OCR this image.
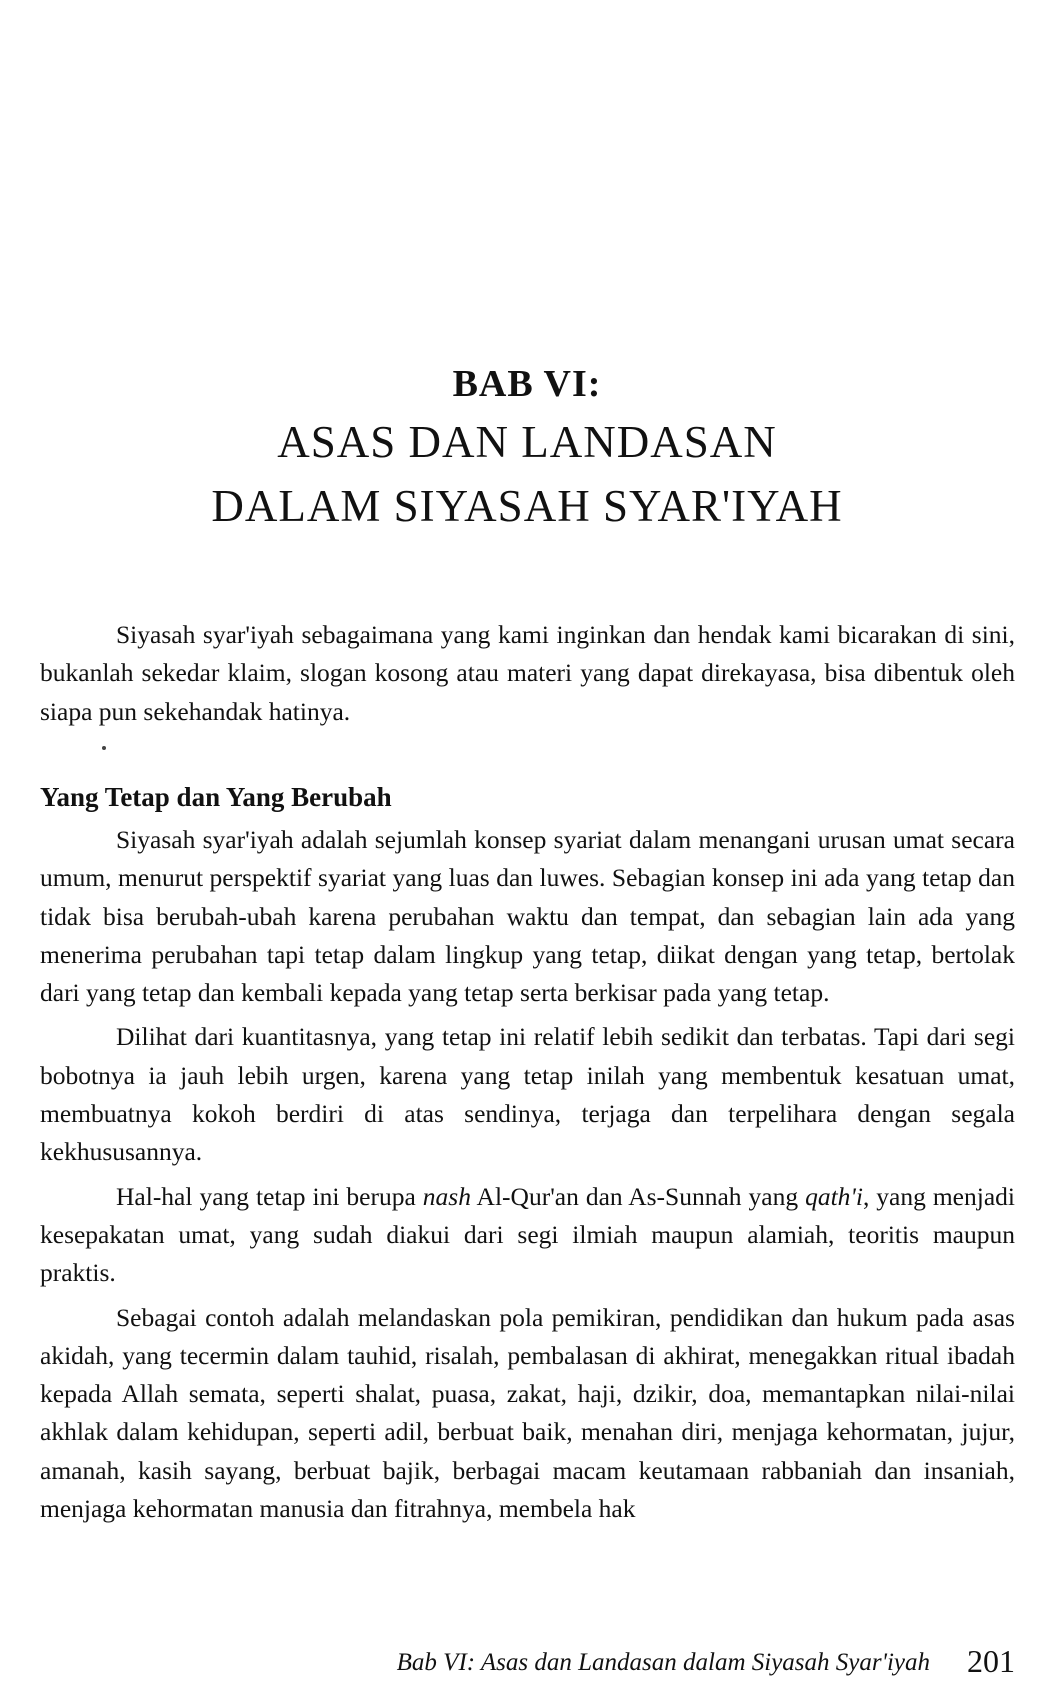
BAB VI:
ASAS DAN LANDASAN
DALAM SIYASAH SYAR'IYAH

Siyasah syar'iyah sebagaimana yang kami inginkan dan hendak kami bicarakan di sini, bukanlah sekedar klaim, slogan kosong atau materi yang dapat direkayasa, bisa dibentuk oleh siapa pun sekehandak hatinya.

Yang Tetap dan Yang Berubah

Siyasah syar'iyah adalah sejumlah konsep syariat dalam menangani urusan umat secara umum, menurut perspektif syariat yang luas dan luwes. Sebagian konsep ini ada yang tetap dan tidak bisa berubah-ubah karena perubahan waktu dan tempat, dan sebagian lain ada yang menerima perubahan tapi tetap dalam lingkup yang tetap, diikat dengan yang tetap, bertolak dari yang tetap dan kembali kepada yang tetap serta berkisar pada yang tetap.

Dilihat dari kuantitasnya, yang tetap ini relatif lebih sedikit dan terbatas. Tapi dari segi bobotnya ia jauh lebih urgen, karena yang tetap inilah yang membentuk kesatuan umat, membuatnya kokoh berdiri di atas sendinya, terjaga dan terpelihara dengan segala kekhususannya.

Hal-hal yang tetap ini berupa nash Al-Qur'an dan As-Sunnah yang qath'i, yang menjadi kesepakatan umat, yang sudah diakui dari segi ilmiah maupun alamiah, teoritis maupun praktis.

Sebagai contoh adalah melandaskan pola pemikiran, pendidikan dan hukum pada asas akidah, yang tecermin dalam tauhid, risalah, pembalasan di akhirat, menegakkan ritual ibadah kepada Allah semata, seperti shalat, puasa, zakat, haji, dzikir, doa, memantapkan nilai-nilai akhlak dalam kehidupan, seperti adil, berbuat baik, menahan diri, menjaga kehormatan, jujur, amanah, kasih sayang, berbuat bajik, berbagai macam keutamaan rabbaniah dan insaniah, menjaga kehormatan manusia dan fitrahnya, membela hak

Bab VI: Asas dan Landasan dalam Siyasah Syar'iyah 201
